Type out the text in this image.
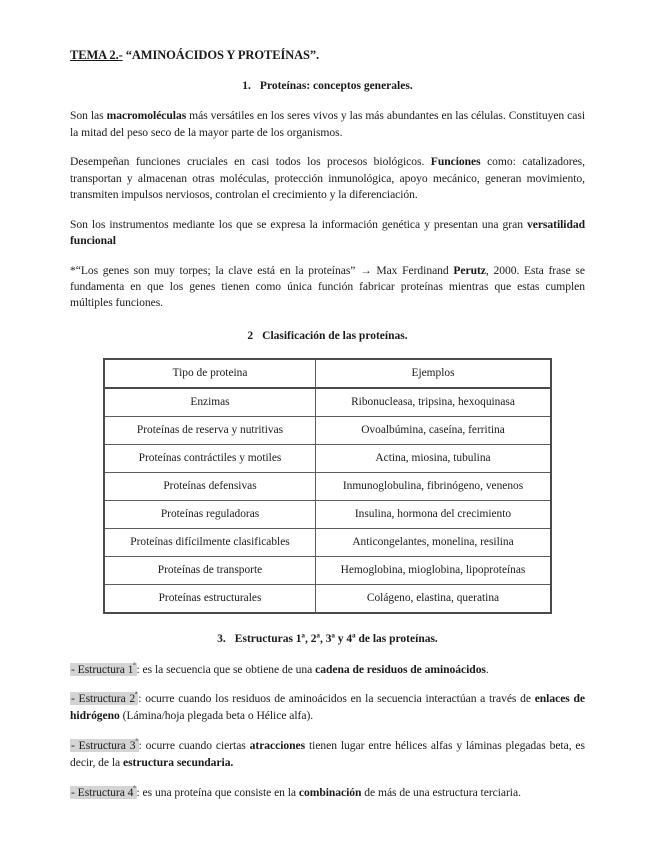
TEMA 2.- “AMINOÁCIDOS Y PROTEÍNAS”.
1. Proteínas: conceptos generales.

Son las macromoléculas más versátiles en los seres vivos y las más abundantes en las células. Constituyen casi la mitad del peso seco de la mayor parte de los organismos.

Desempeñan funciones cruciales en casi todos los procesos biológicos. Funciones como: catalizadores, transportan y almacenan otras moléculas, protección inmunológica, apoyo mecánico, generan movimiento, transmiten impulsos nerviosos, controlan el crecimiento y la diferenciación.

Son los instrumentos mediante los que se expresa la información genética y presentan una gran versatilidad funcional

*“Los genes son muy torpes; la clave está en la proteínas” → Max Ferdinand Perutz, 2000. Esta frase se fundamenta en que los genes tienen como única función fabricar proteínas mientras que estas cumplen múltiples funciones.

2 Clasificación de las proteínas.
Tipo de proteina	Ejemplos
Enzimas	Ribonucleasa, tripsina, hexoquinasa
Proteínas de reserva y nutritivas	Ovoalbúmina, caseína, ferritina
Proteínas contráctiles y motiles	Actina, miosina, tubulina
Proteínas defensivas	Inmunoglobulina, fibrinógeno, venenos
Proteínas reguladoras	Insulina, hormona del crecimiento
Proteínas difícilmente clasificables	Anticongelantes, monelina, resilina
Proteínas de transporte	Hemoglobina, mioglobina, lipoproteínas
Proteínas estructurales	Colágeno, elastina, queratina
3. Estructuras 1ª, 2ª, 3ª y 4ª de las proteínas.

- Estructura $1^ª$: es la secuencia que se obtiene de una cadena de residuos de aminoácidos.

- Estructura $2^ª$: ocurre cuando los residuos de aminoácidos en la secuencia interactúan a través de enlaces de hidrógeno (Lámina/hoja plegada beta o Hélice alfa).

- Estructura $3^ª$: ocurre cuando ciertas atracciones tienen lugar entre hélices alfas y láminas plegadas beta, es decir, de la estructura secundaria.

- Estructura $4^ª$: es una proteína que consiste en la combinación de más de una estructura terciaria.
